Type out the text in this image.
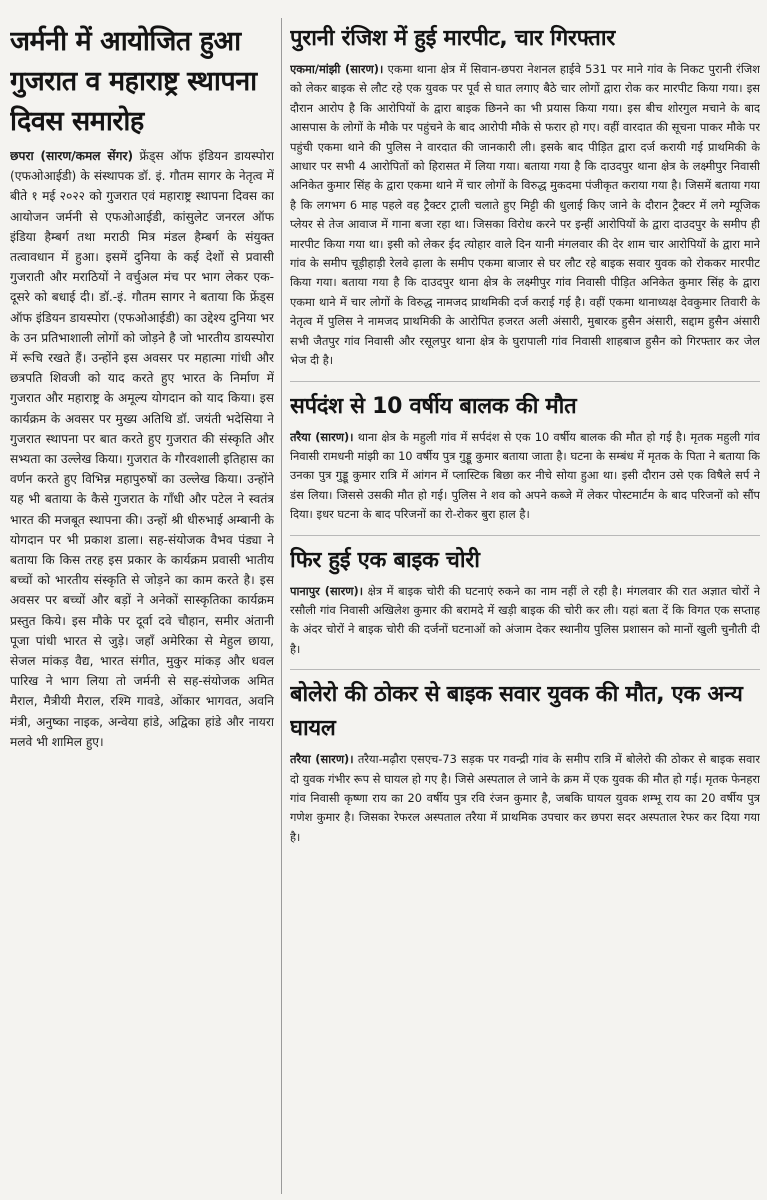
जर्मनी में आयोजित हुआ गुजरात व महाराष्ट्र स्थापना दिवस समारोह

छपरा (सारण/कमल सेंगर) फ्रेंड्स ऑफ इंडियन डायस्पोरा (एफओआईडी) के संस्थापक डॉ. इं. गौतम सागर के नेतृत्व में बीते १ मई २०२२ को गुजरात एवं महाराष्ट्र स्थापना दिवस का आयोजन जर्मनी से एफओआईडी, कांसुलेट जनरल ऑफ इंडिया हैम्बर्ग तथा मराठी मित्र मंडल हैम्बर्ग के संयुक्त तत्वावधान में हुआ। इसमें दुनिया के कई देशों से प्रवासी गुजराती और मराठियों ने वर्चुअल मंच पर भाग लेकर एक-दूसरे को बधाई दी। डॉ.-इं. गौतम सागर ने बताया कि फ्रेंड्स ऑफ इंडियन डायस्पोरा (एफओआईडी) का उद्देश्य दुनिया भर के उन प्रतिभाशाली लोगों को जोड़ने है जो भारतीय डायस्पोरा में रूचि रखते हैं। उन्होंने इस अवसर पर महात्मा गांधी और छत्रपति शिवजी को याद करते हुए भारत के निर्माण में गुजरात और महाराष्ट्र के अमूल्य योगदान को याद किया। इस कार्यक्रम के अवसर पर मुख्य अतिथि डॉ. जयंती भदेसिया ने गुजरात स्थापना पर बात करते हुए गुजरात की संस्कृति और सभ्यता का उल्लेख किया। गुजरात के गौरवशाली इतिहास का वर्णन करते हुए विभिन्न महापुरुषों का उल्लेख किया। उन्होंने यह भी बताया के कैसे गुजरात के गाँधी और पटेल ने स्वतंत्र भारत की मजबूत स्थापना की। उन्हों श्री धीरुभाई अम्बानी के योगदान पर भी प्रकाश डाला। सह-संयोजक वैभव पंड्या ने बताया कि किस तरह इस प्रकार के कार्यक्रम प्रवासी भातीय बच्चों को भारतीय संस्कृति से जोड़ने का काम करते है। इस अवसर पर बच्चों और बड़ों ने अनेकों सास्कृतिका कार्यक्रम प्रस्तुत किये। इस मौके पर दूर्वा दवे चौहान, समीर अंतानी पूजा पांधी भारत से जुड़े। जहाँ अमेरिका से मेहुल छाया, सेजल मांकड़ वैद्य, भारत संगीत, मुकुर मांकड़ और धवल पारिख ने भाग लिया तो जर्मनी से सह-संयोजक अमित मैराल, मैत्रीयी मैराल, रश्मि गावडे, ओंकार भागवत, अवनि मंत्री, अनुष्का नाइक, अन्वेया हांडे, अद्विका हांडे और नायरा मलवे भी शामिल हुए।

पुरानी रंजिश में हुई मारपीट, चार गिरफ्तार

एकमा/मांझी (सारण)। एकमा थाना क्षेत्र में सिवान-छपरा नेशनल हाईवे 531 पर माने गांव के निकट पुरानी रंजिश को लेकर बाइक से लौट रहे एक युवक पर पूर्व से घात लगाए बैठे चार लोगों द्वारा रोक कर मारपीट किया गया। इस दौरान आरोप है कि आरोपियों के द्वारा बाइक छिनने का भी प्रयास किया गया। इस बीच शोरगुल मचाने के बाद आसपास के लोगों के मौके पर पहुंचने के बाद आरोपी मौके से फरार हो गए। वहीं वारदात की सूचना पाकर मौके पर पहुंची एकमा थाने की पुलिस ने वारदात की जानकारी ली। इसके बाद पीड़ित द्वारा दर्ज करायी गई प्राथमिकी के आधार पर सभी 4 आरोपितों को हिरासत में लिया गया। बताया गया है कि दाउदपुर थाना क्षेत्र के लक्ष्मीपुर निवासी अनिकेत कुमार सिंह के द्वारा एकमा थाने में चार लोगों के विरुद्ध मुकदमा पंजीकृत कराया गया है। जिसमें बताया गया है कि लगभग 6 माह पहले वह ट्रैक्टर ट्राली चलाते हुए मिट्टी की धुलाई किए जाने के दौरान ट्रैक्टर में लगे म्यूजिक प्लेयर से तेज आवाज में गाना बजा रहा था। जिसका विरोध करने पर इन्हीं आरोपियों के द्वारा दाउदपुर के समीप ही मारपीट किया गया था। इसी को लेकर ईद त्योहार वाले दिन यानी मंगलवार की देर शाम चार आरोपियों के द्वारा माने गांव के समीप चूड़ीहाड़ी रेलवे ढ़ाला के समीप एकमा बाजार से घर लौट रहे बाइक सवार युवक को रोककर मारपीट किया गया। बताया गया है कि दाउदपुर थाना क्षेत्र के लक्ष्मीपुर गांव निवासी पीड़ित अनिकेत कुमार सिंह के द्वारा एकमा थाने में चार लोगों के विरुद्ध नामजद प्राथमिकी दर्ज कराई गई है। वहीं एकमा थानाध्यक्ष देवकुमार तिवारी के नेतृत्व में पुलिस ने नामजद प्राथमिकी के आरोपित हजरत अली अंसारी, मुबारक हुसैन अंसारी, सद्दाम हुसैन अंसारी सभी जैतपुर गांव निवासी और रसूलपुर थाना क्षेत्र के घुरापाली गांव निवासी शाहबाज हुसैन को गिरफ्तार कर जेल भेज दी है।

सर्पदंश से 10 वर्षीय बालक की मौत

तरैया (सारण)। थाना क्षेत्र के महुली गांव में सर्पदंश से एक 10 वर्षीय बालक की मौत हो गई है। मृतक महुली गांव निवासी रामधनी मांझी का 10 वर्षीय पुत्र गुड्डू कुमार बताया जाता है। घटना के सम्बंध में मृतक के पिता ने बताया कि उनका पुत्र गुड्डू कुमार रात्रि में आंगन में प्लास्टिक बिछा कर नीचे सोया हुआ था। इसी दौरान उसे एक विषैले सर्प ने डंस लिया। जिससे उसकी मौत हो गई। पुलिस ने शव को अपने कब्जे में लेकर पोस्टमार्टम के बाद परिजनों को सौंप दिया। इधर घटना के बाद परिजनों का रो-रोकर बुरा हाल है।

फिर हुई एक बाइक चोरी

पानापुर (सारण)। क्षेत्र में बाइक चोरी की घटनाएं रुकने का नाम नहीं ले रही है। मंगलवार की रात अज्ञात चोरों ने रसौली गांव निवासी अखिलेश कुमार की बरामदे में खड़ी बाइक की चोरी कर ली। यहां बता दें कि विगत एक सप्ताह के अंदर चोरों ने बाइक चोरी की दर्जनों घटनाओं को अंजाम देकर स्थानीय पुलिस प्रशासन को मानों खुली चुनौती दी है।

बोलेरो की ठोकर से बाइक सवार युवक की मौत, एक अन्य घायल

तरैया (सारण)। तरैया-मढ़ौरा एसएच-73 सड़क पर गवन्द्री गांव के समीप रात्रि में बोलेरो की ठोकर से बाइक सवार दो युवक गंभीर रूप से घायल हो गए है। जिसे अस्पताल ले जाने के क्रम में एक युवक की मौत हो गई। मृतक फेनहरा गांव निवासी कृष्णा राय का 20 वर्षीय पुत्र रवि रंजन कुमार है, जबकि घायल युवक शम्भू राय का 20 वर्षीय पुत्र गणेश कुमार है। जिसका रेफरल अस्पताल तरैया में प्राथमिक उपचार कर छपरा सदर अस्पताल रेफर कर दिया गया है।
